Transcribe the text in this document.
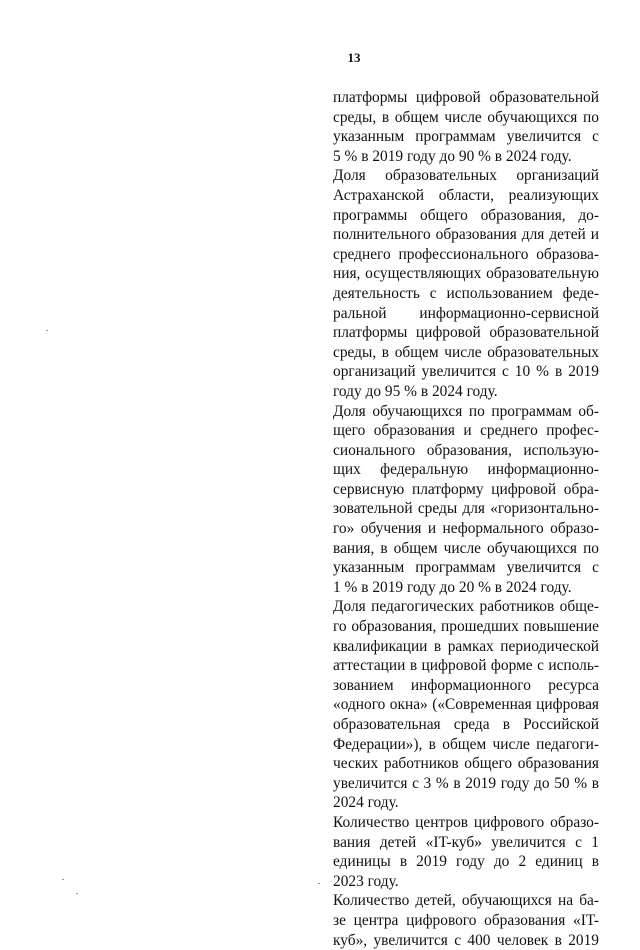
13
платформы цифровой образовательной
среды, в общем числе обучающихся по
указанным программам увеличится с
5 % в 2019 году до 90 % в 2024 году.
Доля образовательных организаций
Астраханской области, реализующих
программы общего образования, до-
полнительного образования для детей и
среднего профессионального образова-
ния, осуществляющих образовательную
деятельность с использованием феде-
ральной информационно-сервисной
платформы цифровой образовательной
среды, в общем числе образовательных
организаций увеличится с 10 % в 2019
году до 95 % в 2024 году.
Доля обучающихся по программам об-
щего образования и среднего профес-
сионального образования, использую-
щих федеральную информационно-
сервисную платформу цифровой обра-
зовательной среды для «горизонтально-
го» обучения и неформального образо-
вания, в общем числе обучающихся по
указанным программам увеличится с
1 % в 2019 году до 20 % в 2024 году.
Доля педагогических работников обще-
го образования, прошедших повышение
квалификации в рамках периодической
аттестации в цифровой форме с исполь-
зованием информационного ресурса
«одного окна» («Современная цифровая
образовательная среда в Российской
Федерации»), в общем числе педагоги-
ческих работников общего образования
увеличится с 3 % в 2019 году до 50 % в
2024 году.
Количество центров цифрового образо-
вания детей «IT-куб» увеличится с 1
единицы в 2019 году до 2 единиц в
2023 году.
Количество детей, обучающихся на ба-
зе центра цифрового образования «IT-
куб», увеличится с 400 человек в 2019
